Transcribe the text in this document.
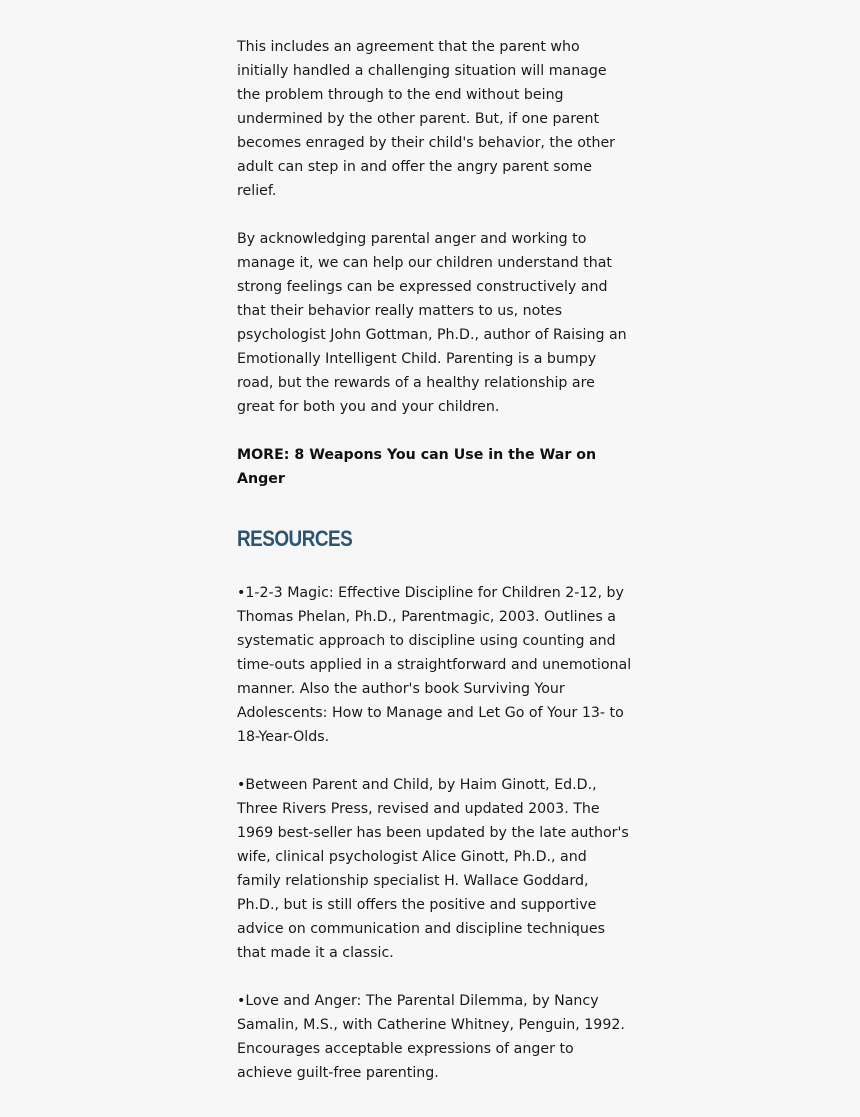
This includes an agreement that the parent who initially handled a challenging situation will manage the problem through to the end without being undermined by the other parent. But, if one parent becomes enraged by their child's behavior, the other adult can step in and offer the angry parent some relief.

By acknowledging parental anger and working to manage it, we can help our children understand that strong feelings can be expressed constructively and that their behavior really matters to us, notes psychologist John Gottman, Ph.D., author of Raising an Emotionally Intelligent Child. Parenting is a bumpy road, but the rewards of a healthy relationship are great for both you and your children.

MORE: 8 Weapons You can Use in the War on Anger

RESOURCES

•1-2-3 Magic: Effective Discipline for Children 2-12, by Thomas Phelan, Ph.D., Parentmagic, 2003. Outlines a systematic approach to discipline using counting and time-outs applied in a straightforward and unemotional manner. Also the author's book Surviving Your Adolescents: How to Manage and Let Go of Your 13- to 18-Year-Olds.

•Between Parent and Child, by Haim Ginott, Ed.D., Three Rivers Press, revised and updated 2003. The 1969 best-seller has been updated by the late author's wife, clinical psychologist Alice Ginott, Ph.D., and family relationship specialist H. Wallace Goddard, Ph.D., but is still offers the positive and supportive advice on communication and discipline techniques that made it a classic.

•Love and Anger: The Parental Dilemma, by Nancy Samalin, M.S., with Catherine Whitney, Penguin, 1992. Encourages acceptable expressions of anger to achieve guilt-free parenting.
